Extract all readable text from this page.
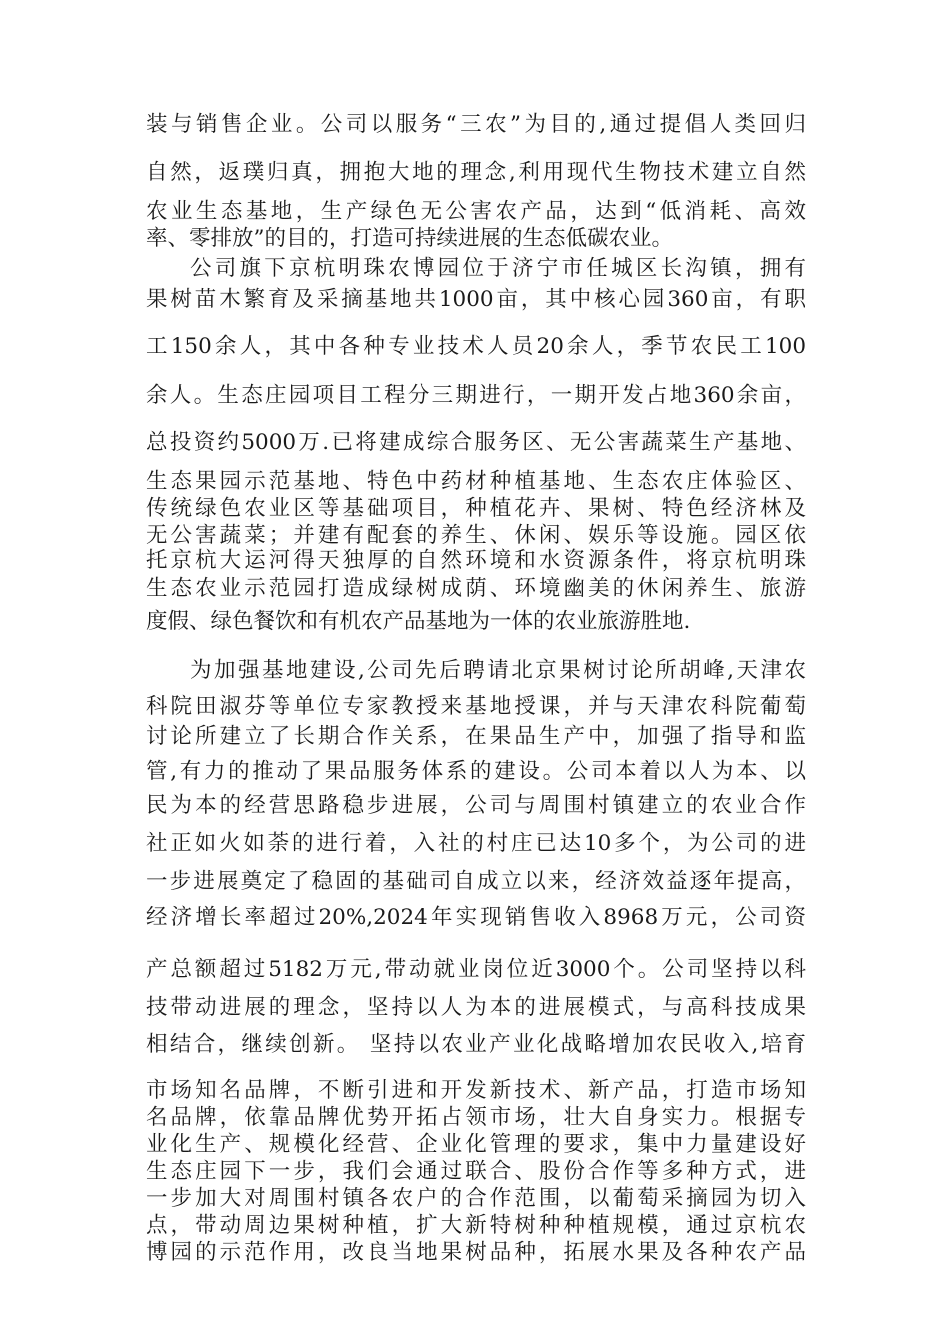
装与销售企业。公司以服务“三农”为目的,通过提倡人类回归
自然，返璞归真，拥抱大地的理念,利用现代生物技术建立自然
农业生态基地，生产绿色无公害农产品，达到“低消耗、高效
率、零排放”的目的，打造可持续进展的生态低碳农业。
公司旗下京杭明珠农博园位于济宁市任城区长沟镇，拥有
果树苗木繁育及采摘基地共1000亩，其中核心园360亩，有职
工150余人，其中各种专业技术人员20余人，季节农民工100
余人。生态庄园项目工程分三期进行，一期开发占地360余亩，
总投资约5000万.已将建成综合服务区、无公害蔬菜生产基地、
生态果园示范基地、特色中药材种植基地、生态农庄体验区、
传统绿色农业区等基础项目，种植花卉、果树、特色经济林及
无公害蔬菜；并建有配套的养生、休闲、娱乐等设施。园区依
托京杭大运河得天独厚的自然环境和水资源条件，将京杭明珠
生态农业示范园打造成绿树成荫、环境幽美的休闲养生、旅游
度假、绿色餐饮和有机农产品基地为一体的农业旅游胜地.
为加强基地建设,公司先后聘请北京果树讨论所胡峰,天津农
科院田淑芬等单位专家教授来基地授课，并与天津农科院葡萄
讨论所建立了长期合作关系，在果品生产中，加强了指导和监
管,有力的推动了果品服务体系的建设。公司本着以人为本、以
民为本的经营思路稳步进展，公司与周围村镇建立的农业合作
社正如火如荼的进行着，入社的村庄已达10多个，为公司的进
一步进展奠定了稳固的基础司自成立以来，经济效益逐年提高，
经济增长率超过20%,2024年实现销售收入8968万元，公司资
产总额超过5182万元,带动就业岗位近3000个。公司坚持以科
技带动进展的理念，坚持以人为本的进展模式，与高科技成果
相结合，继续创新。 坚持以农业产业化战略增加农民收入,培育
市场知名品牌，不断引进和开发新技术、新产品，打造市场知
名品牌，依靠品牌优势开拓占领市场，壮大自身实力。根据专
业化生产、规模化经营、企业化管理的要求，集中力量建设好
生态庄园下一步，我们会通过联合、股份合作等多种方式，进
一步加大对周围村镇各农户的合作范围，以葡萄采摘园为切入
点，带动周边果树种植，扩大新特树种种植规模，通过京杭农
博园的示范作用，改良当地果树品种，拓展水果及各种农产品
